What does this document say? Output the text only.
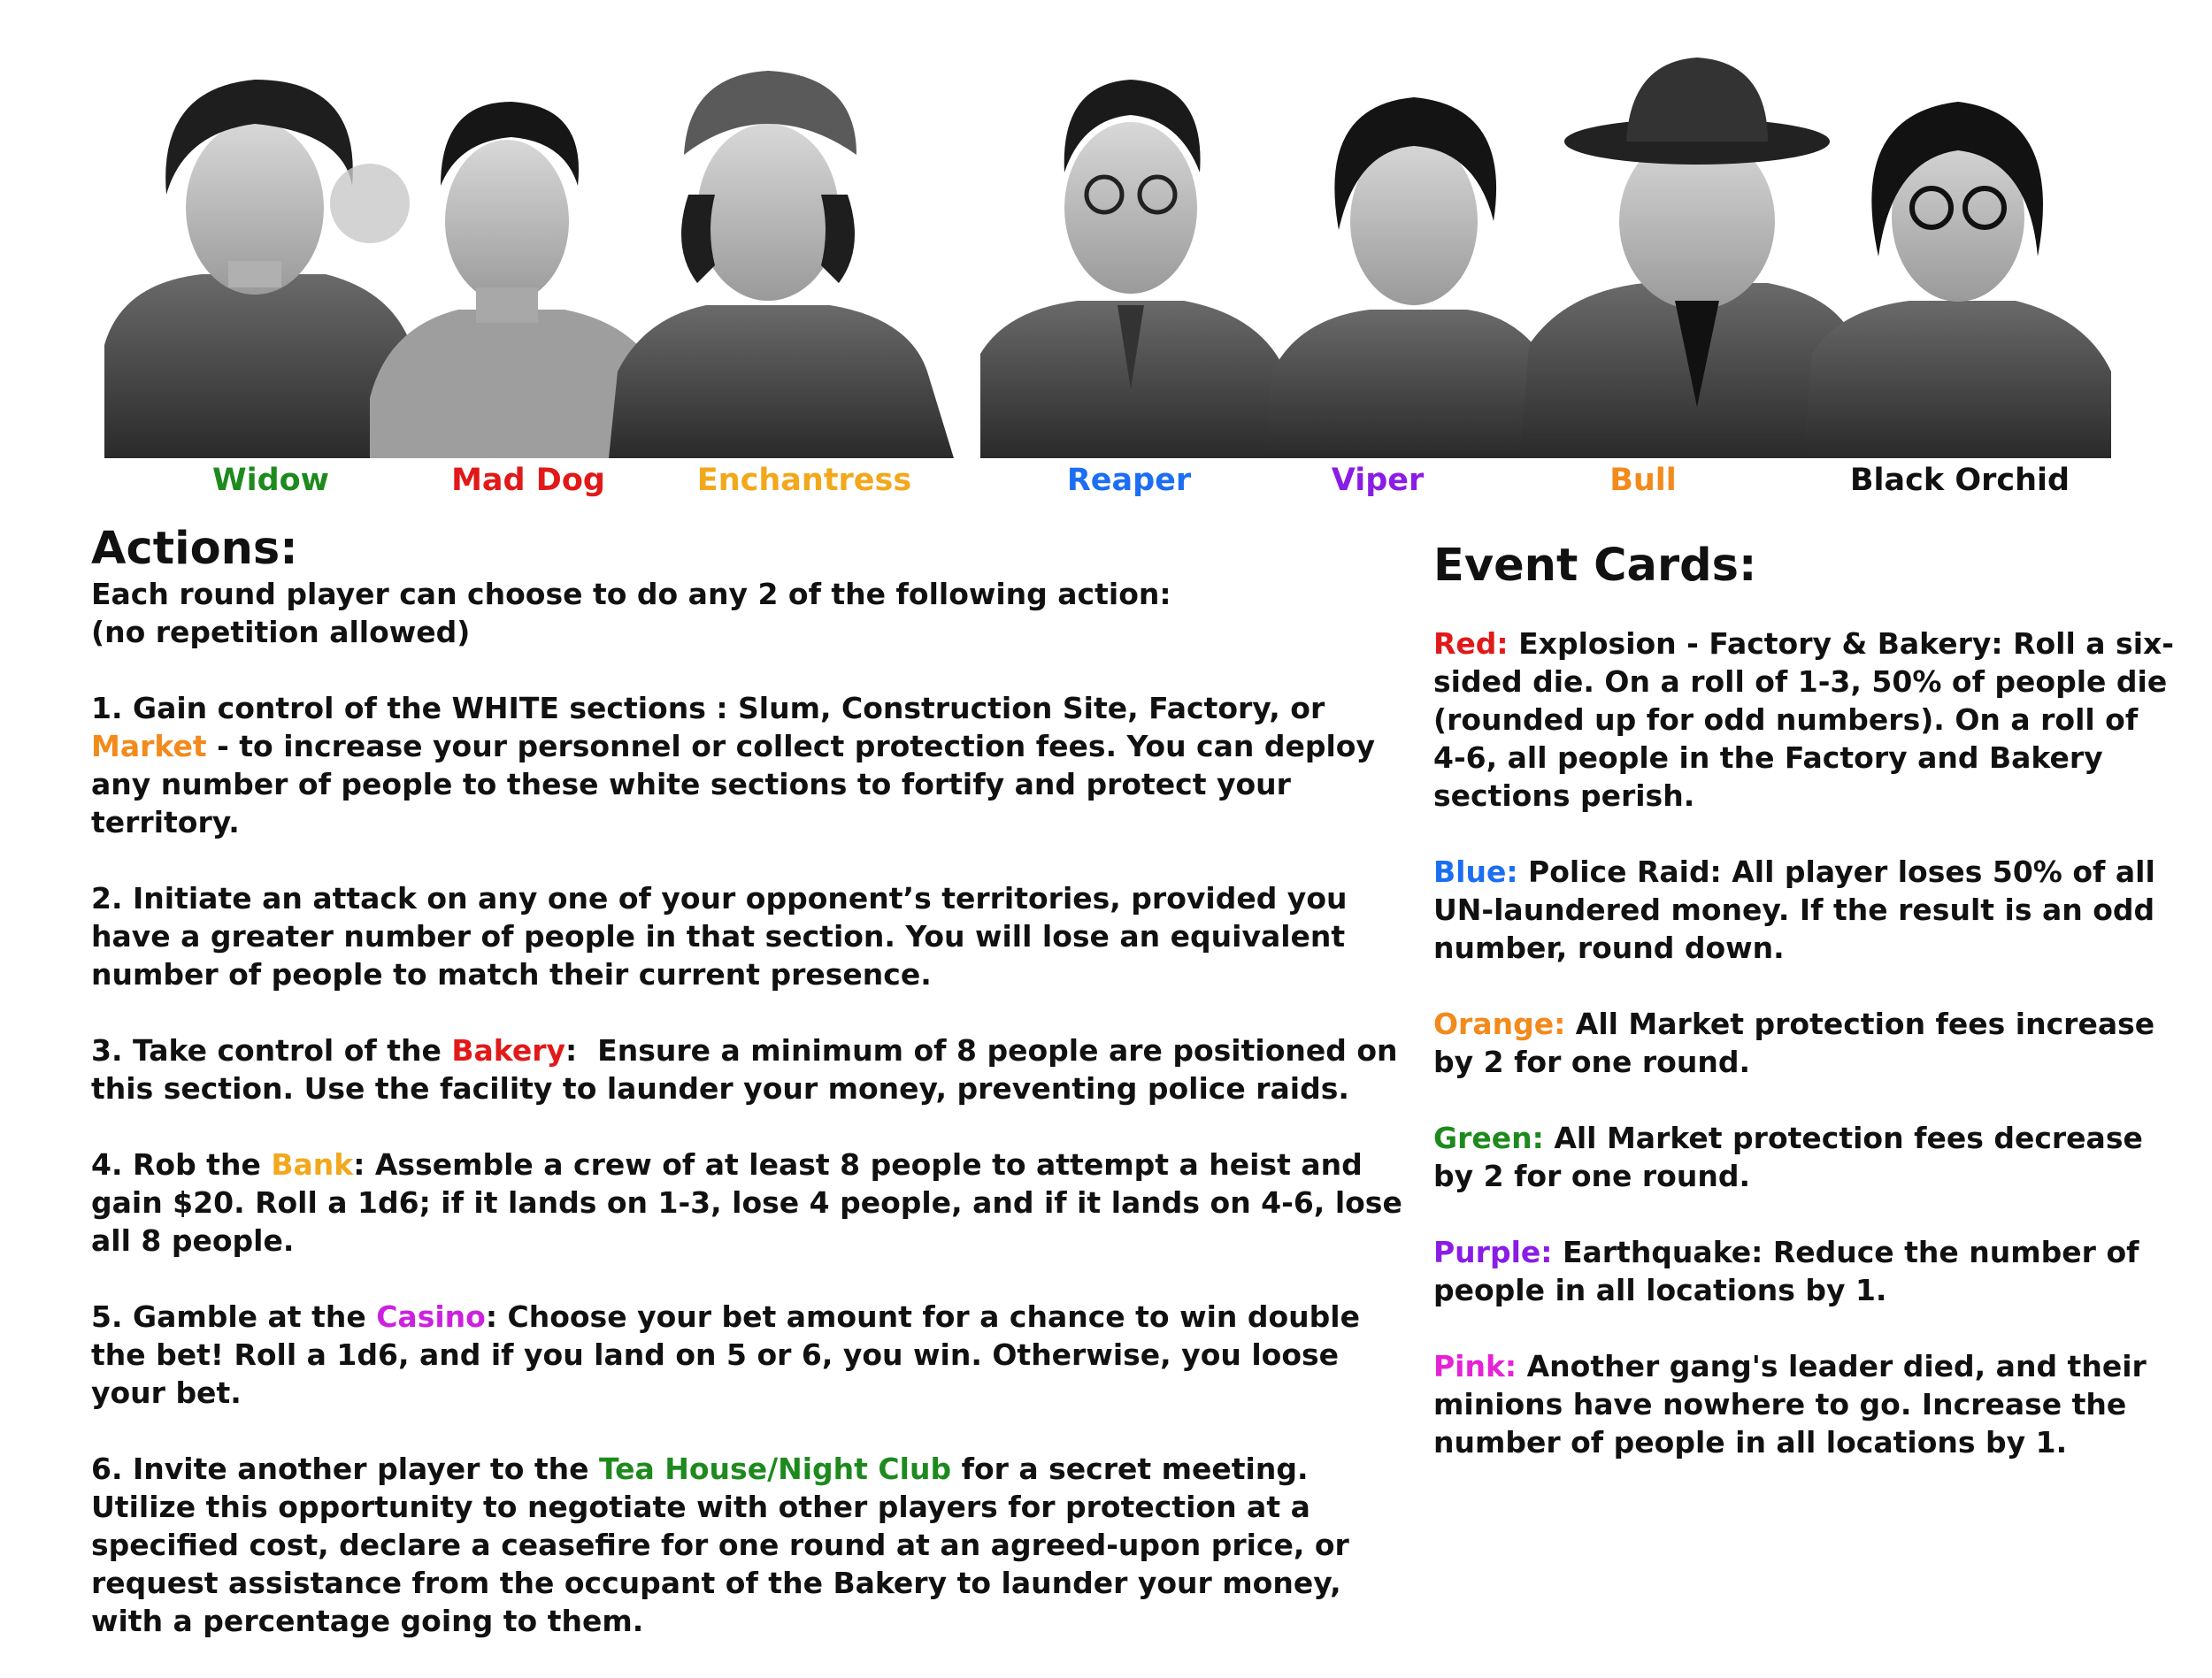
Widow	Mad Dog	Enchantress	Reaper	Viper	Bull	Black Orchid
Actions:
Each round player can choose to do any 2 of the following action:
(no repetition allowed)
1. Gain control of the WHITE sections : Slum, Construction Site, Factory, or Market - to increase your personnel or collect protection fees. You can deploy any number of people to these white sections to fortify and protect your territory.
2. Initiate an attack on any one of your opponent’s territories, provided you have a greater number of people in that section. You will lose an equivalent number of people to match their current presence.
3. Take control of the Bakery:  Ensure a minimum of 8 people are positioned on this section. Use the facility to launder your money, preventing police raids.
4. Rob the Bank: Assemble a crew of at least 8 people to attempt a heist and gain $20. Roll a 1d6; if it lands on 1-3, lose 4 people, and if it lands on 4-6, lose all 8 people.
5. Gamble at the Casino: Choose your bet amount for a chance to win double the bet! Roll a 1d6, and if you land on 5 or 6, you win. Otherwise, you loose your bet.
6. Invite another player to the Tea House/Night Club for a secret meeting. Utilize this opportunity to negotiate with other players for protection at a specified cost, declare a ceasefire for one round at an agreed-upon price, or request assistance from the occupant of the Bakery to launder your money, with a percentage going to them.
Event Cards:
Red: Explosion - Factory & Bakery: Roll a six-sided die. On a roll of 1-3, 50% of people die (rounded up for odd numbers). On a roll of 4-6, all people in the Factory and Bakery sections perish.
Blue: Police Raid: All player loses 50% of all UN-laundered money. If the result is an odd number, round down.
Orange: All Market protection fees increase by 2 for one round.
Green: All Market protection fees decrease by 2 for one round.
Purple: Earthquake: Reduce the number of people in all locations by 1.
Pink: Another gang's leader died, and their minions have nowhere to go. Increase the number of people in all locations by 1.
